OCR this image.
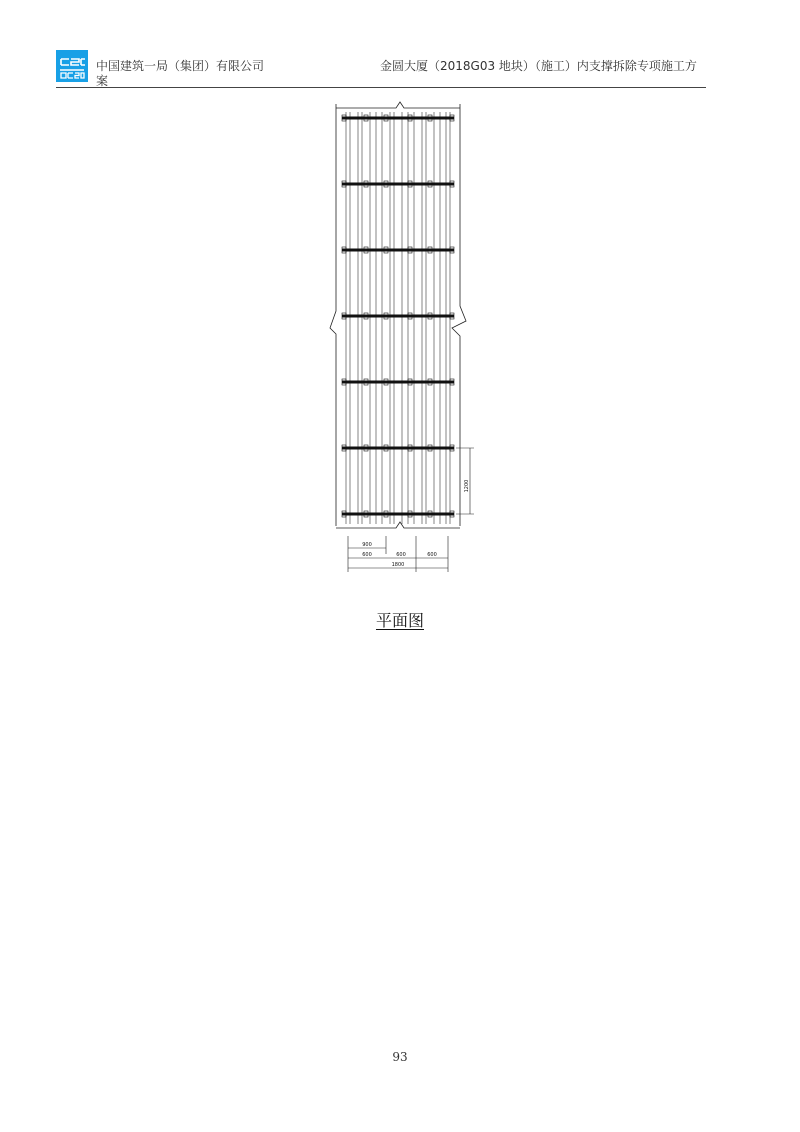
中国建筑一局（集团）有限公司	金圆大厦（2018G03 地块）（施工）内支撑拆除专项施工方
案
1200
900
600	600	600
1800
平面图
93
